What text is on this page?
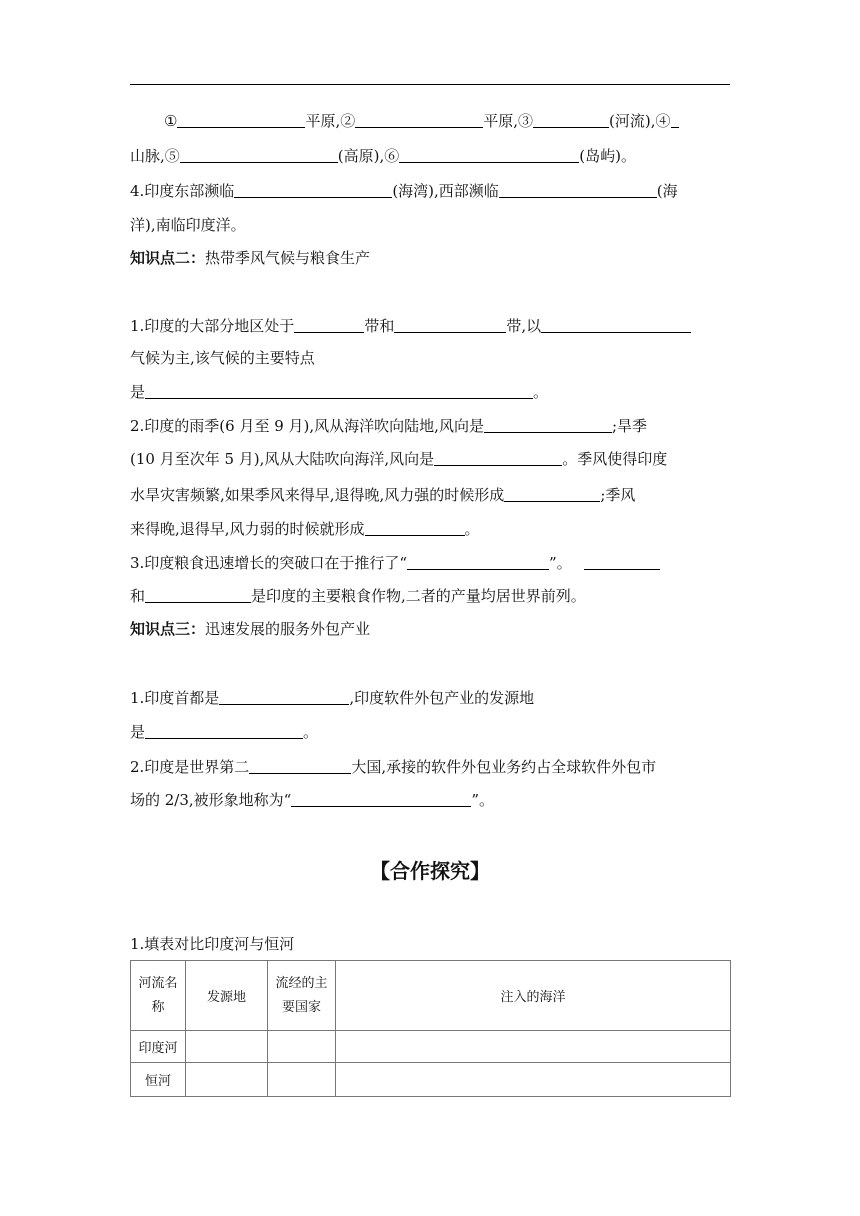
①	平原,②	平原,③	(河流),④
山脉,⑤	(高原),⑥	(岛屿)。
4.印度东部濒临	(海湾),西部濒临	(海
洋),南临印度洋。
知识点二：热带季风气候与粮食生产
1.印度的大部分地区处于	带和	带,以
气候为主,该气候的主要特点
是	。
2.印度的雨季(6 月至 9 月),风从海洋吹向陆地,风向是	;旱季
(10 月至次年 5 月),风从大陆吹向海洋,风向是	。季风使得印度
水旱灾害频繁,如果季风来得早,退得晚,风力强的时候形成	;季风
来得晚,退得早,风力弱的时候就形成	。
3.印度粮食迅速增长的突破口在于推行了“	”。
和	是印度的主要粮食作物,二者的产量均居世界前列。
知识点三：迅速发展的服务外包产业
1.印度首都是	,印度软件外包产业的发源地
是	。
2.印度是世界第二	大国,承接的软件外包业务约占全球软件外包市
场的 2/3,被形象地称为“	”。
【合作探究】
1.填表对比印度河与恒河
河流名称	发源地	流经的主要国家	注入的海洋
印度河			
恒河			
